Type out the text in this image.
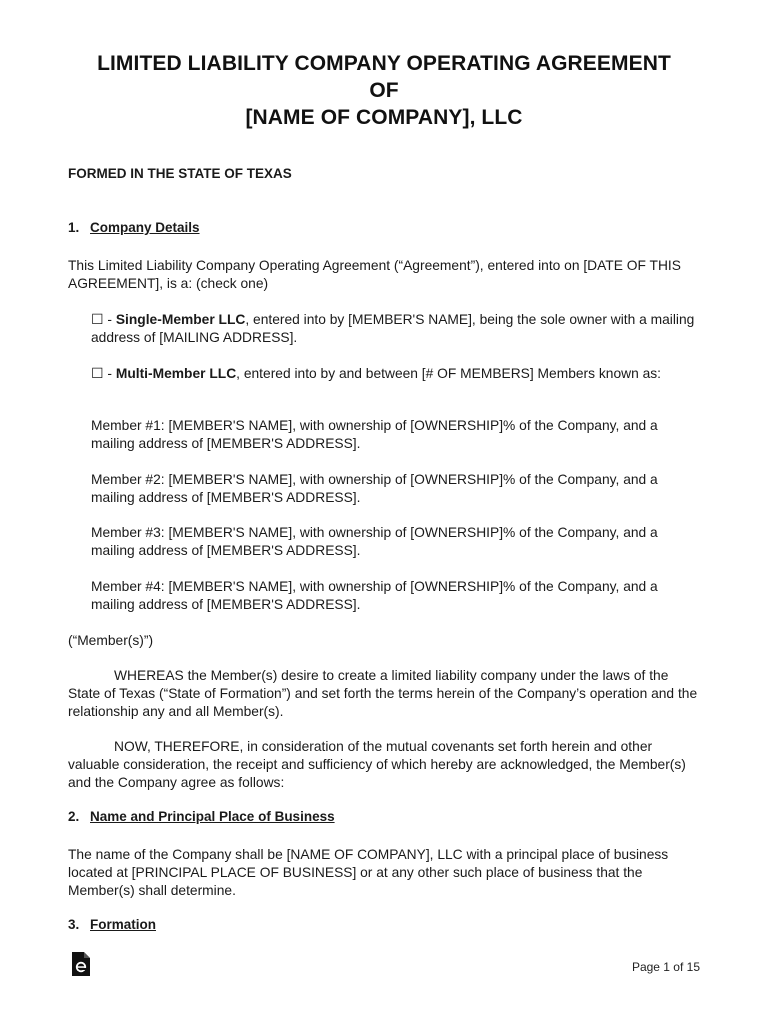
LIMITED LIABILITY COMPANY OPERATING AGREEMENT
OF
[NAME OF COMPANY], LLC
FORMED IN THE STATE OF TEXAS
1. Company Details
This Limited Liability Company Operating Agreement (“Agreement”), entered into on [DATE OF THIS AGREEMENT], is a: (check one)
☐ - Single-Member LLC, entered into by [MEMBER'S NAME], being the sole owner with a mailing address of [MAILING ADDRESS].
☐ - Multi-Member LLC, entered into by and between [# OF MEMBERS] Members known as:
Member #1: [MEMBER'S NAME], with ownership of [OWNERSHIP]% of the Company, and a mailing address of [MEMBER'S ADDRESS].
Member #2: [MEMBER'S NAME], with ownership of [OWNERSHIP]% of the Company, and a mailing address of [MEMBER'S ADDRESS].
Member #3: [MEMBER'S NAME], with ownership of [OWNERSHIP]% of the Company, and a mailing address of [MEMBER'S ADDRESS].
Member #4: [MEMBER'S NAME], with ownership of [OWNERSHIP]% of the Company, and a mailing address of [MEMBER'S ADDRESS].
(“Member(s)”)
WHEREAS the Member(s) desire to create a limited liability company under the laws of the State of Texas (“State of Formation”) and set forth the terms herein of the Company’s operation and the relationship any and all Member(s).
NOW, THEREFORE, in consideration of the mutual covenants set forth herein and other valuable consideration, the receipt and sufficiency of which hereby are acknowledged, the Member(s) and the Company agree as follows:
2. Name and Principal Place of Business
The name of the Company shall be [NAME OF COMPANY], LLC with a principal place of business located at [PRINCIPAL PLACE OF BUSINESS] or at any other such place of business that the Member(s) shall determine.
3. Formation
Page 1 of 15
